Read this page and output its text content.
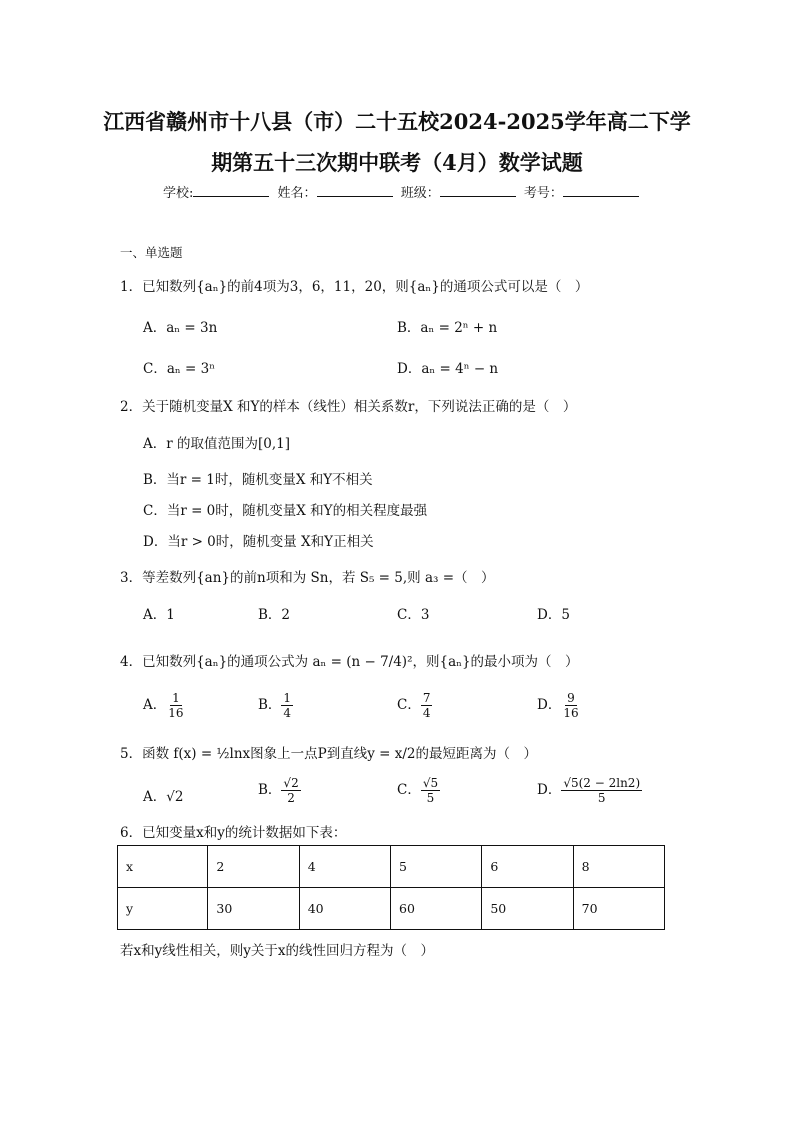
江西省赣州市十八县（市）二十五校2024-2025学年高二下学
期第五十三次期中联考（4月）数学试题
学校:	姓名：	班级：	考号：
一、单选题
1．已知数列{aₙ}的前4项为3，6，11，20，则{aₙ}的通项公式可以是（　）
A．aₙ = 3n	B．aₙ = 2ⁿ + n
C．aₙ = 3ⁿ	D．aₙ = 4ⁿ − n
2．关于随机变量X 和Y的样本（线性）相关系数r，下列说法正确的是（　）
A．r 的取值范围为[0,1]
B．当r = 1时，随机变量X 和Y不相关
C．当r = 0时，随机变量X 和Y的相关程度最强
D．当r > 0时，随机变量 X和Y正相关
3．等差数列{an}的前n项和为 Sn，若 S₅ = 5,则 a₃ =（　）
A．1	B．2	C．3	D．5
4．已知数列{aₙ}的通项公式为 aₙ = (n − 7/4)²，则{aₙ}的最小项为（　）
A． $\frac{1}{16}$	B． $\frac{1}{4}$	C． $\frac{7}{4}$	D． $\frac{9}{16}$
5．函数 f(x) = ½lnx图象上一点P到直线y = x/2的最短距离为（　）
A．√2	B． $\frac{√2}{2}$	C． $\frac{√5}{5}$	D． $\frac{√5(2 - 2\ln 2)}{5}$
6．已知变量x和y的统计数据如下表：
x	2	4	5	6	8
y	30	40	60	50	70
若x和y线性相关，则y关于x的线性回归方程为（　）
